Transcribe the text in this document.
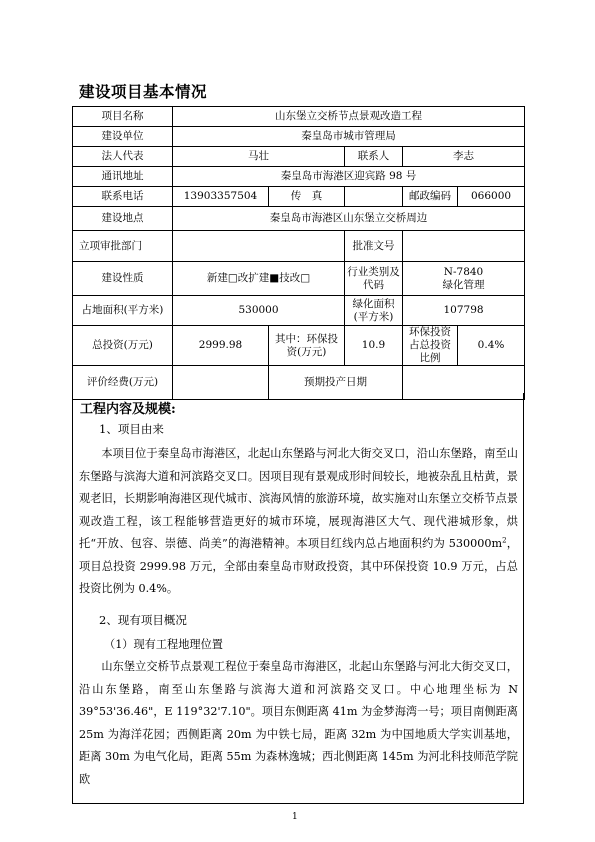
建设项目基本情况
项目名称	山东堡立交桥节点景观改造工程				
建设单位	秦皇岛市城市管理局				
法人代表	马壮		联系人	李志	
通讯地址	秦皇岛市海港区迎宾路 98 号				
联系电话	13903357504	传　真		邮政编码	066000
建设地点	秦皇岛市海港区山东堡立交桥周边				
立项审批部门			批准文号		
建设性质	新建□改扩建■技改□		行业类别及代码	N-7840
绿化管理	

占地面积(平方米)	530000		绿化面积(平方米)	107798	
总投资(万元)	2999.98	其中：环保投资(万元)	10.9	环保投资占总投资比例	0.4%
评价经费(万元)		预期投产日期			
工程内容及规模:
1、项目由来

本项目位于秦皇岛市海港区，北起山东堡路与河北大街交叉口，沿山东堡路，南至山东堡路与滨海大道和河滨路交叉口。因项目现有景观成形时间较长，地被杂乱且枯黄，景观老旧，长期影响海港区现代城市、滨海风情的旅游环境，故实施对山东堡立交桥节点景观改造工程，该工程能够营造更好的城市环境，展现海港区大气、现代港城形象，烘托“开放、包容、崇德、尚美”的海港精神。本项目红线内总占地面积约为 $530000m^2$，项目总投资 2999.98 万元，全部由秦皇岛市财政投资，其中环保投资 10.9 万元，占总投资比例为 0.4%。

2、现有项目概况
（1）现有工程地理位置

山东堡立交桥节点景观工程位于秦皇岛市海港区，北起山东堡路与河北大街交叉口，沿山东堡路，南至山东堡路与滨海大道和河滨路交叉口。中心地理坐标为 N 39°53'36.46"，E 119°32'7.10"。项目东侧距离 41m 为金梦海湾一号；项目南侧距离 25m 为海洋花园；西侧距离 20m 为中铁七局，距离 32m 为中国地质大学实训基地，距离 30m 为电气化局，距离 55m 为森林逸城；西北侧距离 145m 为河北科技师范学院欧

1
